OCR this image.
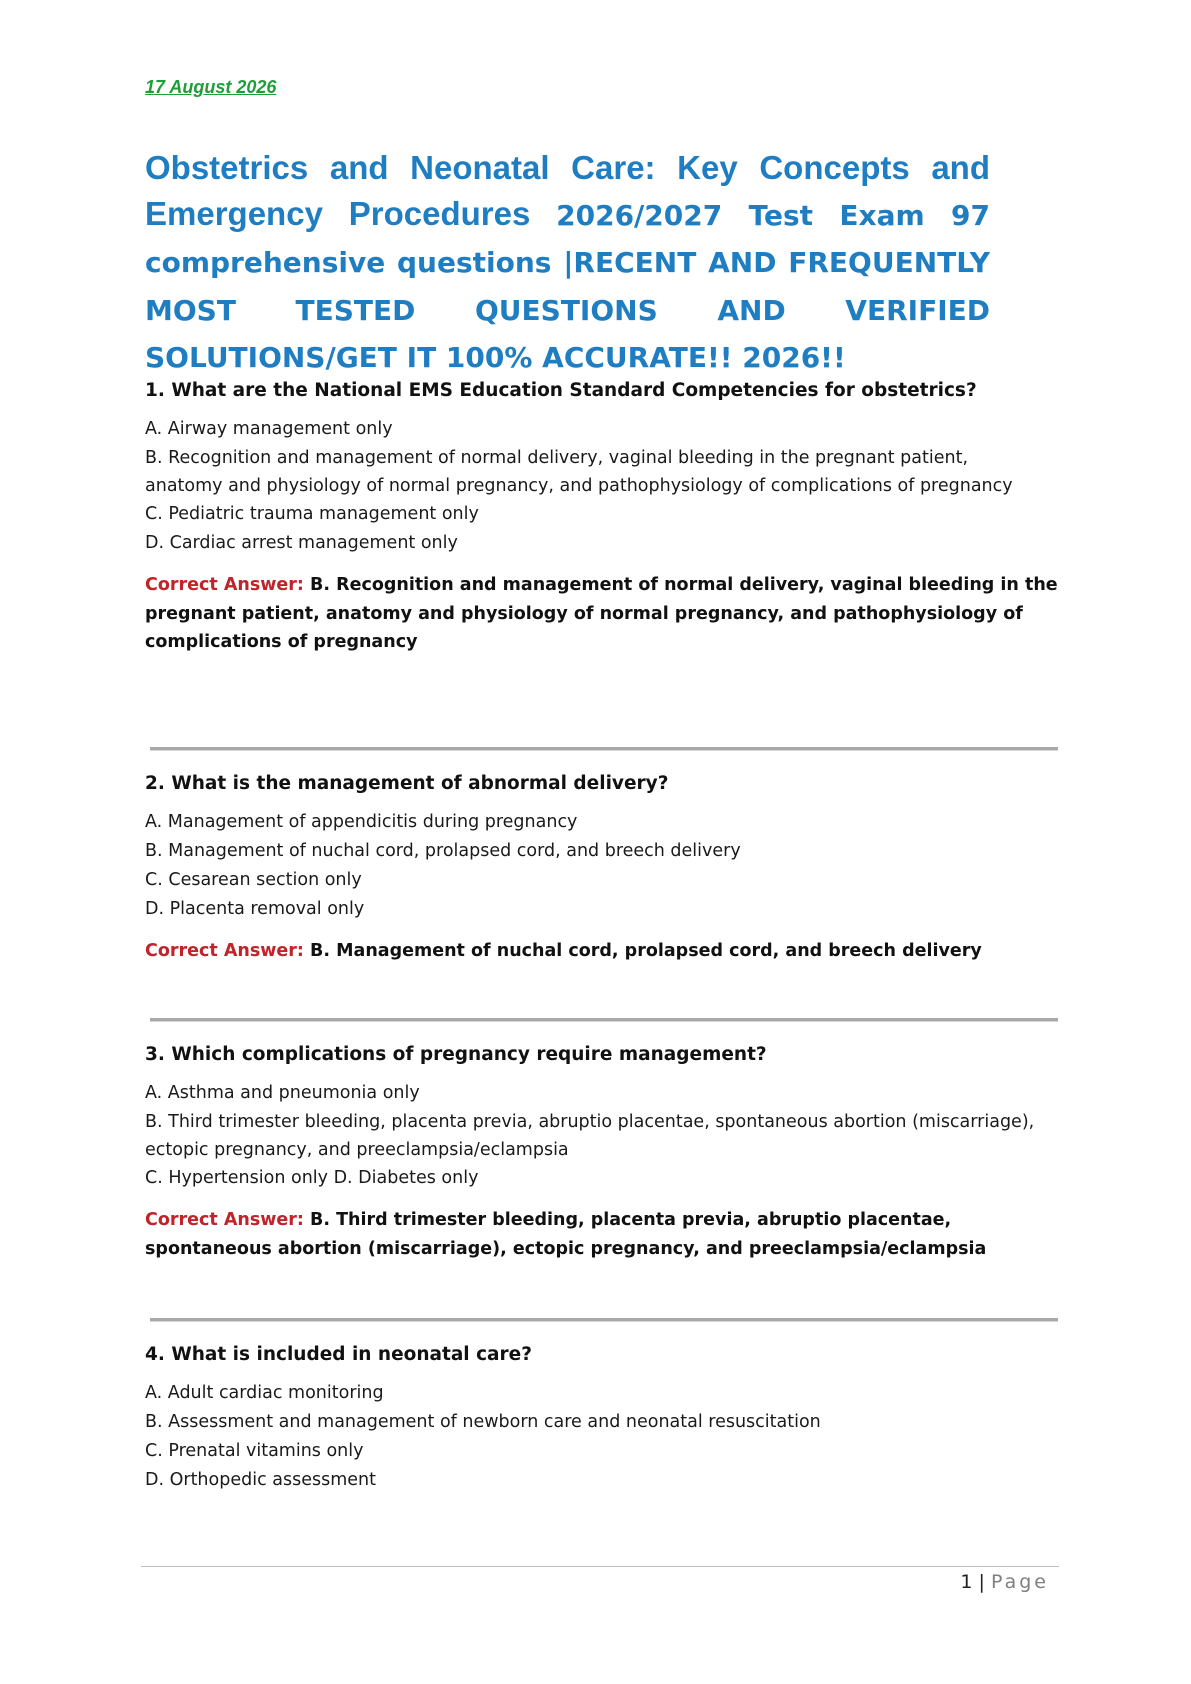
17 August 2026
Obstetrics and Neonatal Care: Key Concepts and
Emergency Procedures 2026/2027 Test Exam 97 comprehensive questions |RECENT AND FREQUENTLY MOST TESTED QUESTIONS AND VERIFIED SOLUTIONS/GET IT 100% ACCURATE!! 2026!!
1. What are the National EMS Education Standard Competencies for obstetrics?
A. Airway management only
B. Recognition and management of normal delivery, vaginal bleeding in the pregnant patient,
anatomy and physiology of normal pregnancy, and pathophysiology of complications of pregnancy
C. Pediatric trauma management only
D. Cardiac arrest management only
Correct Answer: B. Recognition and management of normal delivery, vaginal bleeding in the pregnant patient, anatomy and physiology of normal pregnancy, and pathophysiology of complications of pregnancy
2. What is the management of abnormal delivery?
A. Management of appendicitis during pregnancy
B. Management of nuchal cord, prolapsed cord, and breech delivery
C. Cesarean section only
D. Placenta removal only
Correct Answer: B. Management of nuchal cord, prolapsed cord, and breech delivery
3. Which complications of pregnancy require management?
A. Asthma and pneumonia only
B. Third trimester bleeding, placenta previa, abruptio placentae, spontaneous abortion (miscarriage),
ectopic pregnancy, and preeclampsia/eclampsia
C. Hypertension only D. Diabetes only
Correct Answer: B. Third trimester bleeding, placenta previa, abruptio placentae, spontaneous abortion (miscarriage), ectopic pregnancy, and preeclampsia/eclampsia
4. What is included in neonatal care?
A. Adult cardiac monitoring
B. Assessment and management of newborn care and neonatal resuscitation
C. Prenatal vitamins only
D. Orthopedic assessment
1 | Page
